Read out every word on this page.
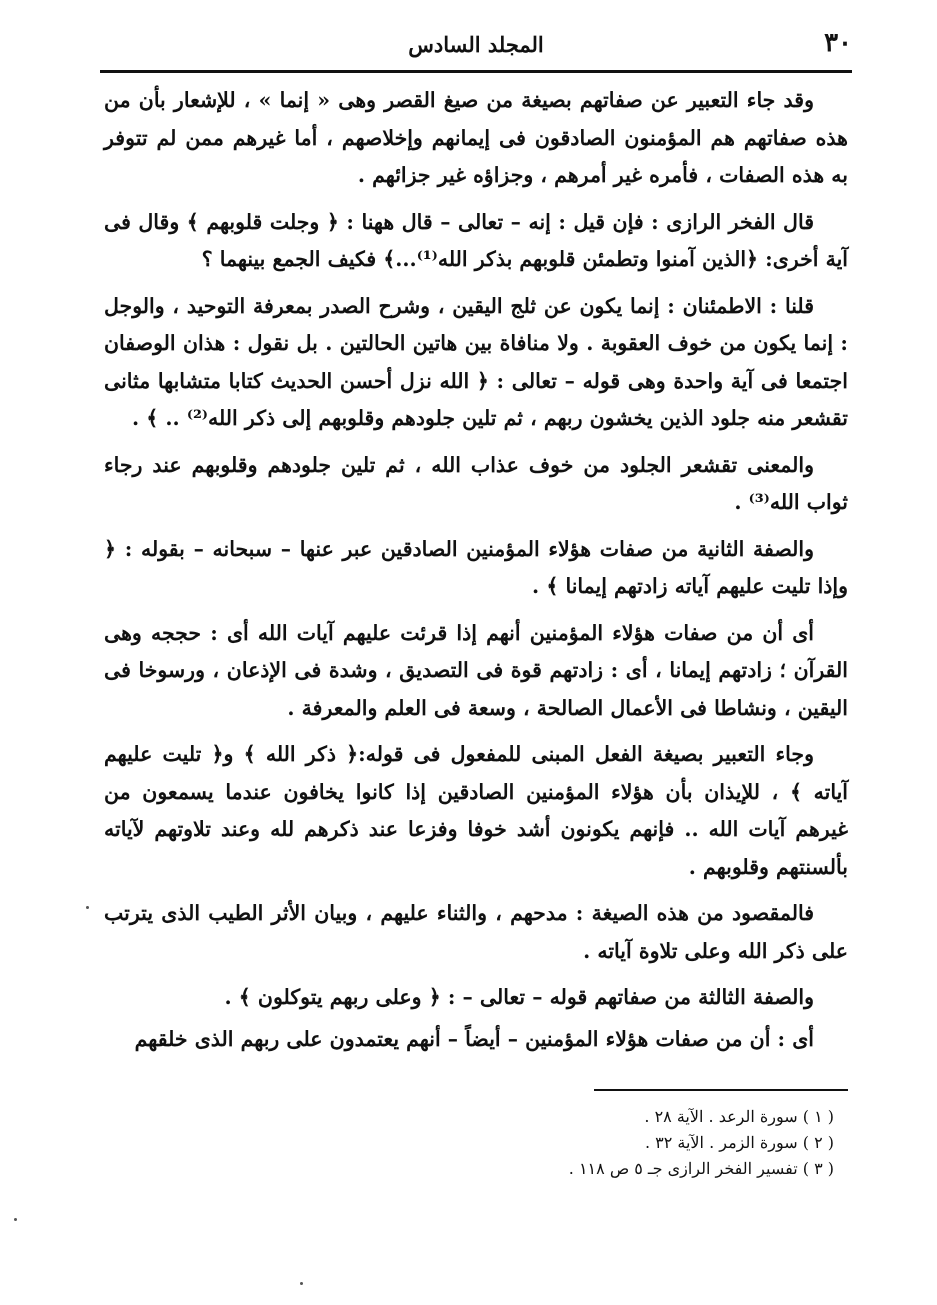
٣٠
المجلد السادس

وقد جاء التعبير عن صفاتهم بصيغة من صيغ القصر وهى « إنما » ، للإشعار بأن من هذه صفاتهم هم المؤمنون الصادقون فى إيمانهم وإخلاصهم ، أما غيرهم ممن لم تتوفر به هذه الصفات ، فأمره غير أمرهم ، وجزاؤه غير جزائهم .

قال الفخر الرازى : فإن قيل : إنه – تعالى – قال ههنا : ﴿ وجلت قلوبهم ﴾ وقال فى آية أخرى: ﴿الذين آمنوا وتطمئن قلوبهم بذكر الله⁽¹⁾...﴾ فكيف الجمع بينهما ؟

قلنا : الاطمئنان : إنما يكون عن ثلج اليقين ، وشرح الصدر بمعرفة التوحيد ، والوجل : إنما يكون من خوف العقوبة . ولا منافاة بين هاتين الحالتين . بل نقول : هذان الوصفان اجتمعا فى آية واحدة وهى قوله – تعالى : ﴿ الله نزل أحسن الحديث كتابا متشابها مثانى تقشعر منه جلود الذين يخشون ربهم ، ثم تلين جلودهم وقلوبهم إلى ذكر الله⁽²⁾ .. ﴾ .

والمعنى تقشعر الجلود من خوف عذاب الله ، ثم تلين جلودهم وقلوبهم عند رجاء ثواب الله⁽³⁾ .

والصفة الثانية من صفات هؤلاء المؤمنين الصادقين عبر عنها – سبحانه – بقوله : ﴿ وإذا تليت عليهم آياته زادتهم إيمانا ﴾ .

أى أن من صفات هؤلاء المؤمنين أنهم إذا قرئت عليهم آيات الله أى : حججه وهى القرآن ؛ زادتهم إيمانا ، أى : زادتهم قوة فى التصديق ، وشدة فى الإذعان ، ورسوخا فى اليقين ، ونشاطا فى الأعمال الصالحة ، وسعة فى العلم والمعرفة .

وجاء التعبير بصيغة الفعل المبنى للمفعول فى قوله:﴿ ذكر الله ﴾ و﴿ تليت عليهم آياته ﴾ ، للإيذان بأن هؤلاء المؤمنين الصادقين إذا كانوا يخافون عندما يسمعون من غيرهم آيات الله .. فإنهم يكونون أشد خوفا وفزعا عند ذكرهم لله وعند تلاوتهم لآياته بألسنتهم وقلوبهم .

فالمقصود من هذه الصيغة : مدحهم ، والثناء عليهم ، وبيان الأثر الطيب الذى يترتب على ذكر الله وعلى تلاوة آياته .

والصفة الثالثة من صفاتهم قوله – تعالى – : ﴿ وعلى ربهم يتوكلون ﴾ .

أى : أن من صفات هؤلاء المؤمنين – أيضاً – أنهم يعتمدون على ربهم الذى خلقهم

( ١ ) سورة الرعد . الآية ٢٨ .
( ٢ ) سورة الزمر . الآية ٣٢ .
( ٣ ) تفسير الفخر الرازى جـ ٥ ص ١١٨ .
